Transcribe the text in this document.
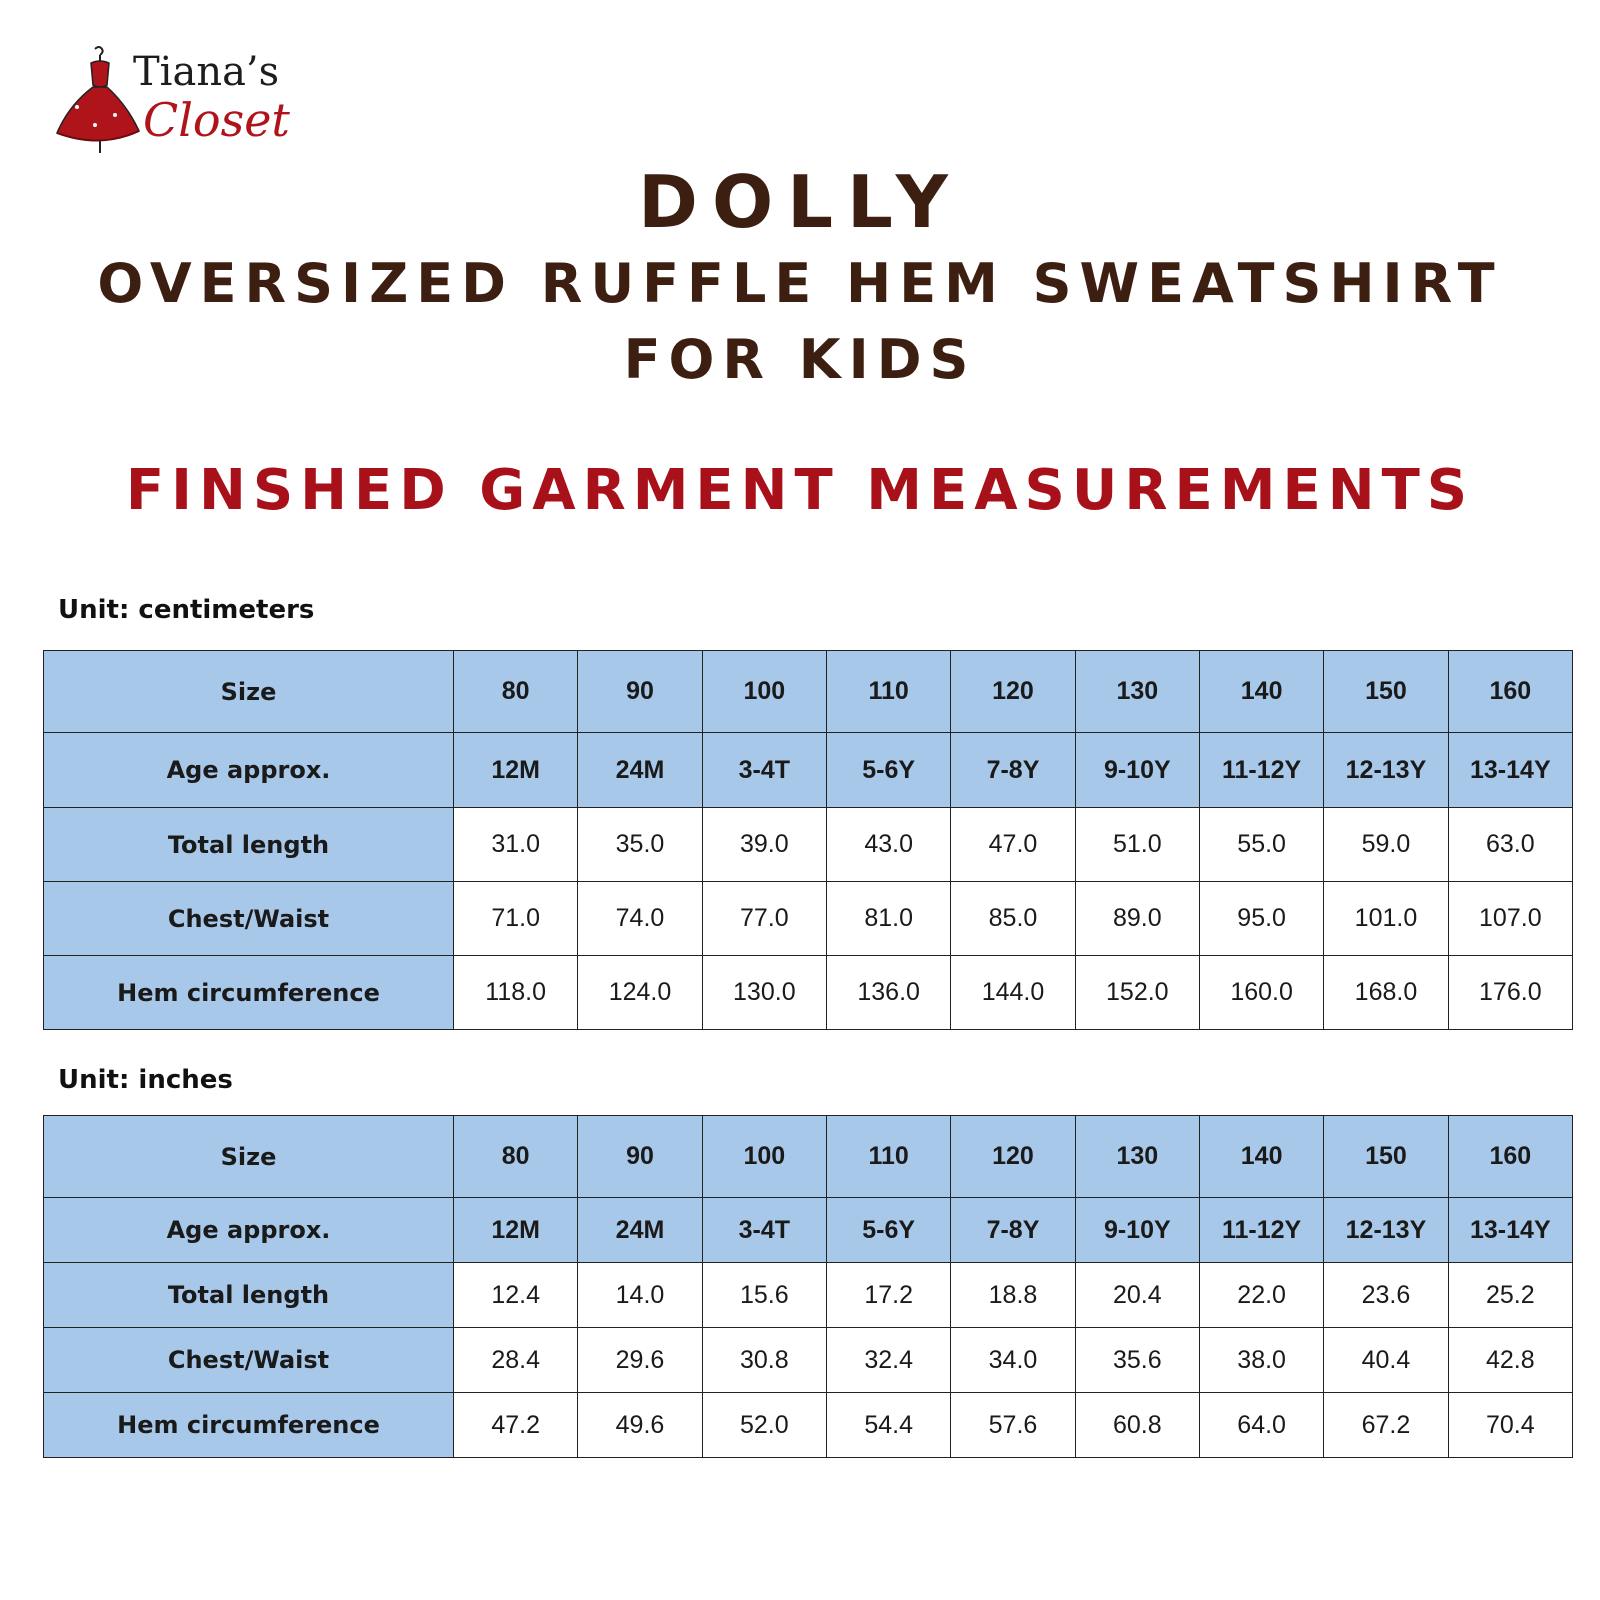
Tiana’s
Closet
DOLLY
OVERSIZED RUFFLE HEM SWEATSHIRT
FOR KIDS
FINSHED GARMENT MEASUREMENTS
Unit: centimeters
Size	80	90	100	110	120	130	140	150	160
Age approx.	12M	24M	3-4T	5-6Y	7-8Y	9-10Y	11-12Y	12-13Y	13-14Y
Total length	31.0	35.0	39.0	43.0	47.0	51.0	55.0	59.0	63.0
Chest/Waist	71.0	74.0	77.0	81.0	85.0	89.0	95.0	101.0	107.0
Hem circumference	118.0	124.0	130.0	136.0	144.0	152.0	160.0	168.0	176.0
Unit: inches
Size	80	90	100	110	120	130	140	150	160
Age approx.	12M	24M	3-4T	5-6Y	7-8Y	9-10Y	11-12Y	12-13Y	13-14Y
Total length	12.4	14.0	15.6	17.2	18.8	20.4	22.0	23.6	25.2
Chest/Waist	28.4	29.6	30.8	32.4	34.0	35.6	38.0	40.4	42.8
Hem circumference	47.2	49.6	52.0	54.4	57.6	60.8	64.0	67.2	70.4
